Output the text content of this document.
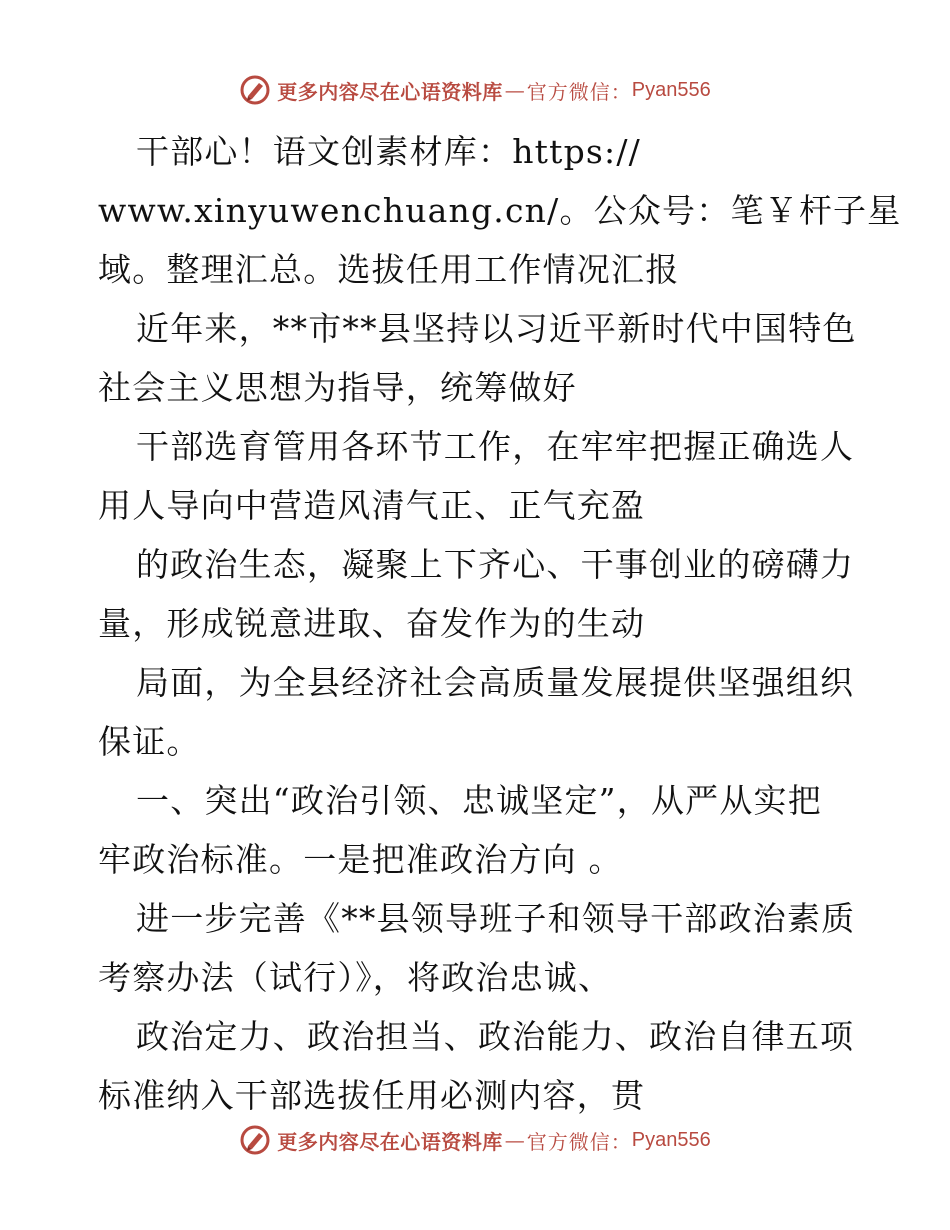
更多内容尽在心语资料库 — 官方微信： Pyan556
干部心！语文创素材库：https://
www.xinyuwenchuang.cn/。公众号：笔￥杆子星
域。整理汇总。选拔任用工作情况汇报
近年来，**市**县坚持以习近平新时代中国特色
社会主义思想为指导，统筹做好
干部选育管用各环节工作，在牢牢把握正确选人
用人导向中营造风清气正、正气充盈
的政治生态，凝聚上下齐心、干事创业的磅礴力
量，形成锐意进取、奋发作为的生动
局面，为全县经济社会高质量发展提供坚强组织
保证。
一、突出“政治引领、忠诚坚定”，从严从实把
牢政治标准。一是把准政治方向 。
进一步完善《**县领导班子和领导干部政治素质
考察办法（试行）》，将政治忠诚、
政治定力、政治担当、政治能力、政治自律五项
标准纳入干部选拔任用必测内容，贯
更多内容尽在心语资料库 — 官方微信： Pyan556
